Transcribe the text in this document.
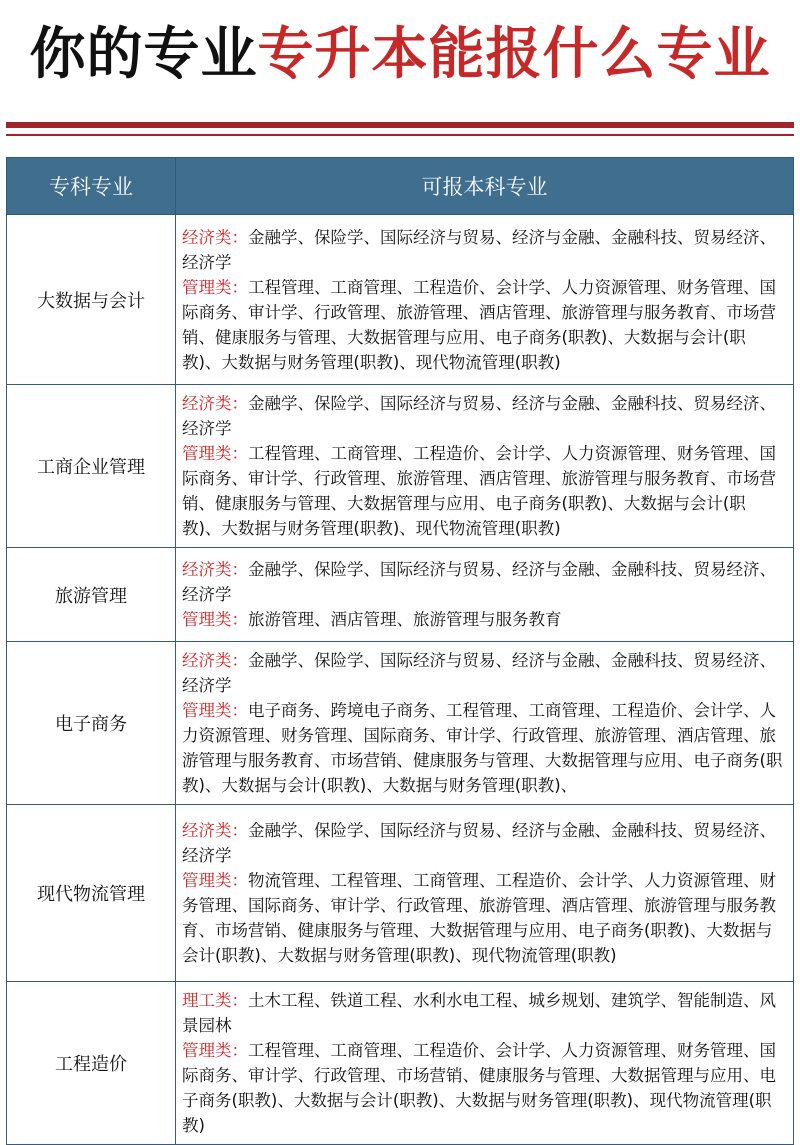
你的专业 专升本能报什么专业
专科专业	可报本科专业
大数据与会计	经济类：金融学、保险学、国际经济与贸易、经济与金融、金融科技、贸易经济、经济学
管理类：工程管理、工商管理、工程造价、会计学、人力资源管理、财务管理、国际商务、审计学、行政管理、旅游管理、酒店管理、旅游管理与服务教育、市场营销、健康服务与管理、大数据管理与应用、电子商务(职教)、大数据与会计(职教)、大数据与财务管理(职教)、现代物流管理(职教)

工商企业管理	经济类：金融学、保险学、国际经济与贸易、经济与金融、金融科技、贸易经济、经济学
管理类：工程管理、工商管理、工程造价、会计学、人力资源管理、财务管理、国际商务、审计学、行政管理、旅游管理、酒店管理、旅游管理与服务教育、市场营销、健康服务与管理、大数据管理与应用、电子商务(职教)、大数据与会计(职教)、大数据与财务管理(职教)、现代物流管理(职教)

旅游管理	经济类：金融学、保险学、国际经济与贸易、经济与金融、金融科技、贸易经济、经济学
管理类：旅游管理、酒店管理、旅游管理与服务教育

电子商务	经济类：金融学、保险学、国际经济与贸易、经济与金融、金融科技、贸易经济、经济学
管理类：电子商务、跨境电子商务、工程管理、工商管理、工程造价、会计学、人力资源管理、财务管理、国际商务、审计学、行政管理、旅游管理、酒店管理、旅游管理与服务教育、市场营销、健康服务与管理、大数据管理与应用、电子商务(职教)、大数据与会计(职教)、大数据与财务管理(职教)、

现代物流管理	经济类：金融学、保险学、国际经济与贸易、经济与金融、金融科技、贸易经济、经济学
管理类：物流管理、工程管理、工商管理、工程造价、会计学、人力资源管理、财务管理、国际商务、审计学、行政管理、旅游管理、酒店管理、旅游管理与服务教育、市场营销、健康服务与管理、大数据管理与应用、电子商务(职教)、大数据与会计(职教)、大数据与财务管理(职教)、现代物流管理(职教)

工程造价	理工类：土木工程、铁道工程、水利水电工程、城乡规划、建筑学、智能制造、风景园林
管理类：工程管理、工商管理、工程造价、会计学、人力资源管理、财务管理、国际商务、审计学、行政管理、市场营销、健康服务与管理、大数据管理与应用、电子商务(职教)、大数据与会计(职教)、大数据与财务管理(职教)、现代物流管理(职教)
